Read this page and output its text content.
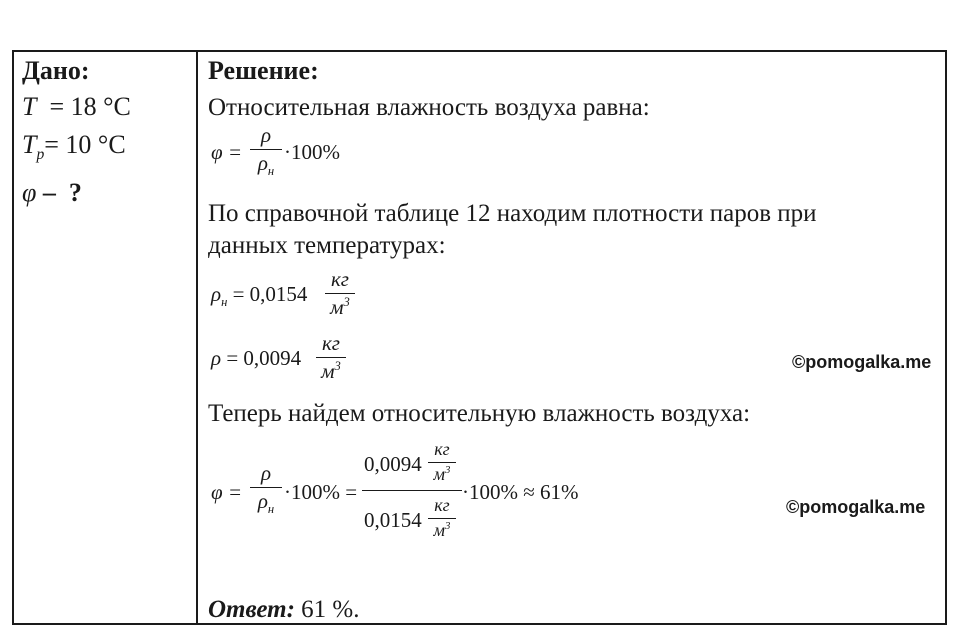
Дано:
T  = 18 °C
$T_p= 10$ °C
φ –  ?
Решение:
Относительная влажность воздуха равна:
φ =
ρ
$\rho_н$
·100%
По справочной таблице 12 находим плотности паров при
данных температурах:
$\rho_н = 0,0154$
кг
$м^3$
ρ = 0,0094
кг
$м^3$	©pomogalka.me
Теперь найдем относительную влажность воздуха:
φ =
ρ
$\rho_н$
·100% =
0,0094
кг
$м^3$
0,0154
кг
$м^3$
·100% ≈ 61%
©pomogalka.me
Ответ: 61 %.
